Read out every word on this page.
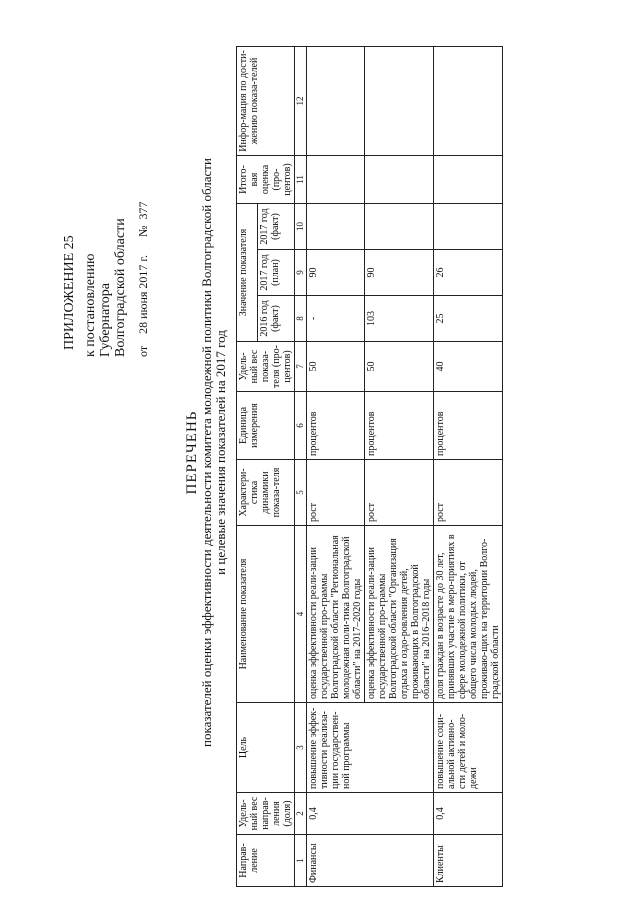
ПРИЛОЖЕНИЕ 25 к постановлению Губернатора Волгоградской области от    28 июня 2017 г.      №  377
ПЕРЕЧЕНЬ показателей оценки эффективности деятельности комитета молодежной политики Волгоградской области и целевые значения показателей на 2017 год
Направ-ление	Удель-ный вес направ-ления (доля)	Цель	Наименование показателя	Характери-стика динамики показа-теля	Единица измерения	Удель-ный вес показа-теля (про-центов)	Значение показателя			Итого-вая оценка (про-центов)	Инфор-мация по дости-жению показа-телей
							2016 год (факт)	2017 год (план)	2017 год (факт)		
1	2	3	4	5	6	7	8	9	10	11	12
Финансы	0,4	повышение эффек-тивности реализа-ции государствен-ной программы	оценка эффективности реали-зации государственной про-граммы Волгоградской области "Региональная молодежная поли-тика Волгоградской области" на 2017–2020 годы	рост	процентов	50	-	90			
			оценка эффективности реали-зации государственной про-граммы Волгоградской области "Организация отдыха и оздо-ровления детей, проживающих в Волгоградской области" на 2016–2018 годы	рост	процентов	50	103	90			
Клиенты	0,4	повышение соци-альной активно-сти детей и моло-дежи	доля граждан в возрасте до 30 лет, принявших участие в меро-приятиях в сфере молодежной политики, от общего числа молодых людей, проживаю-щих на территории Волго-градской области	рост	процентов	40	25	26			
